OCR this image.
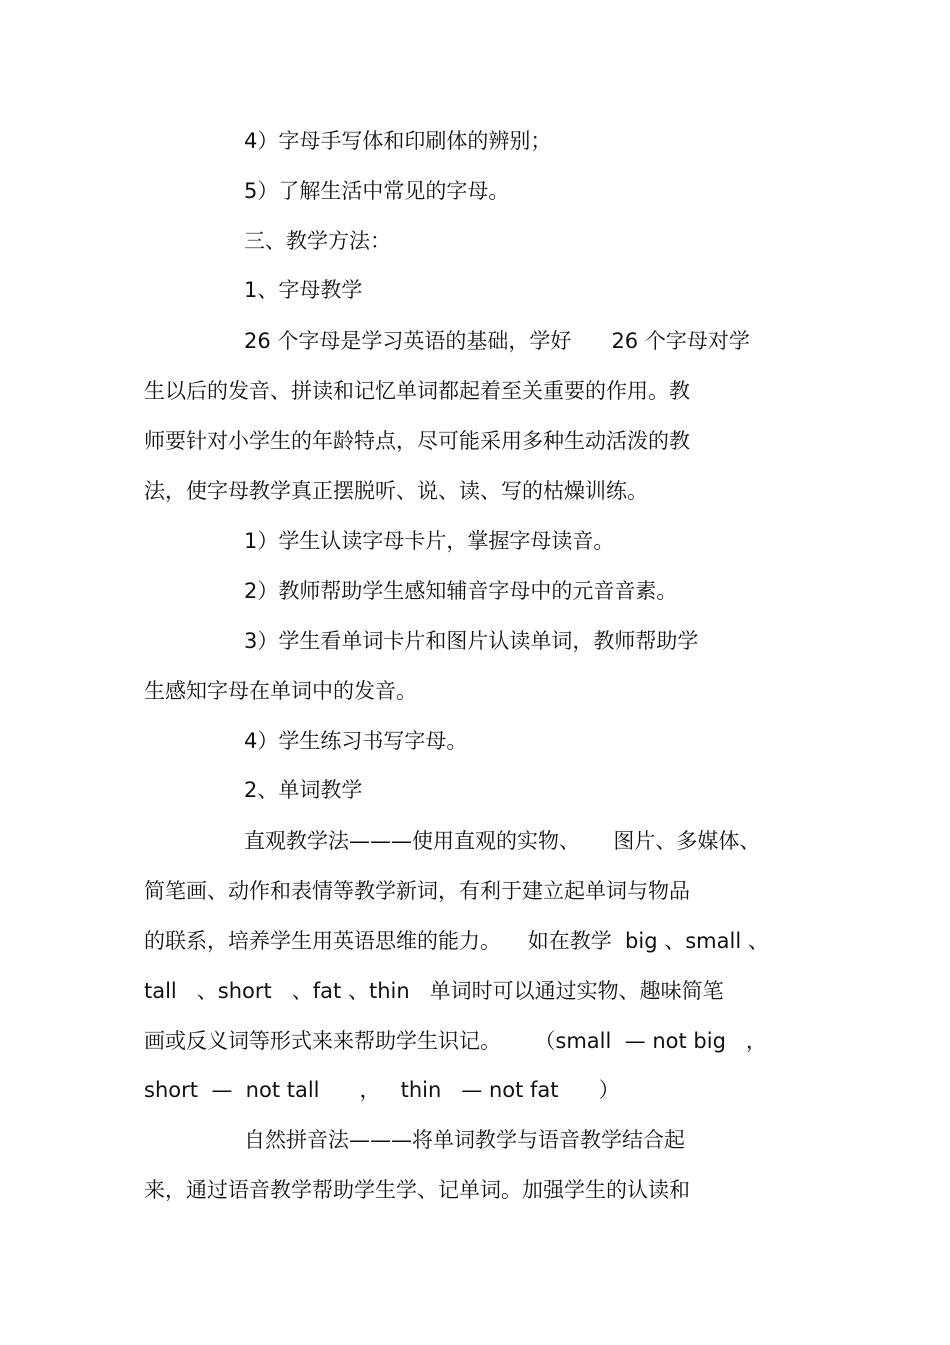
4）字母手写体和印刷体的辨别；

5）了解生活中常见的字母。

三、教学方法：

1、字母教学

26 个字母是学习英语的基础，学好      26 个字母对学

生以后的发音、拼读和记忆单词都起着至关重要的作用。教

师要针对小学生的年龄特点，尽可能采用多种生动活泼的教

法，使字母教学真正摆脱听、说、读、写的枯燥训练。

1）学生认读字母卡片，掌握字母读音。

2）教师帮助学生感知辅音字母中的元音音素。

3）学生看单词卡片和图片认读单词，教师帮助学

生感知字母在单词中的发音。

4）学生练习书写字母。

2、单词教学

直观教学法———使用直观的实物、     图片、多媒体、

简笔画、动作和表情等教学新词，有利于建立起单词与物品

的联系，培养学生用英语思维的能力。    如在教学  big 、small 、

tall   、short   、fat 、thin   单词时可以通过实物、趣味简笔

画或反义词等形式来来帮助学生识记。     （small  — not big   ，

short  —  not tall      ，   thin   — not fat      ）

自然拼音法———将单词教学与语音教学结合起

来，通过语音教学帮助学生学、记单词。加强学生的认读和
